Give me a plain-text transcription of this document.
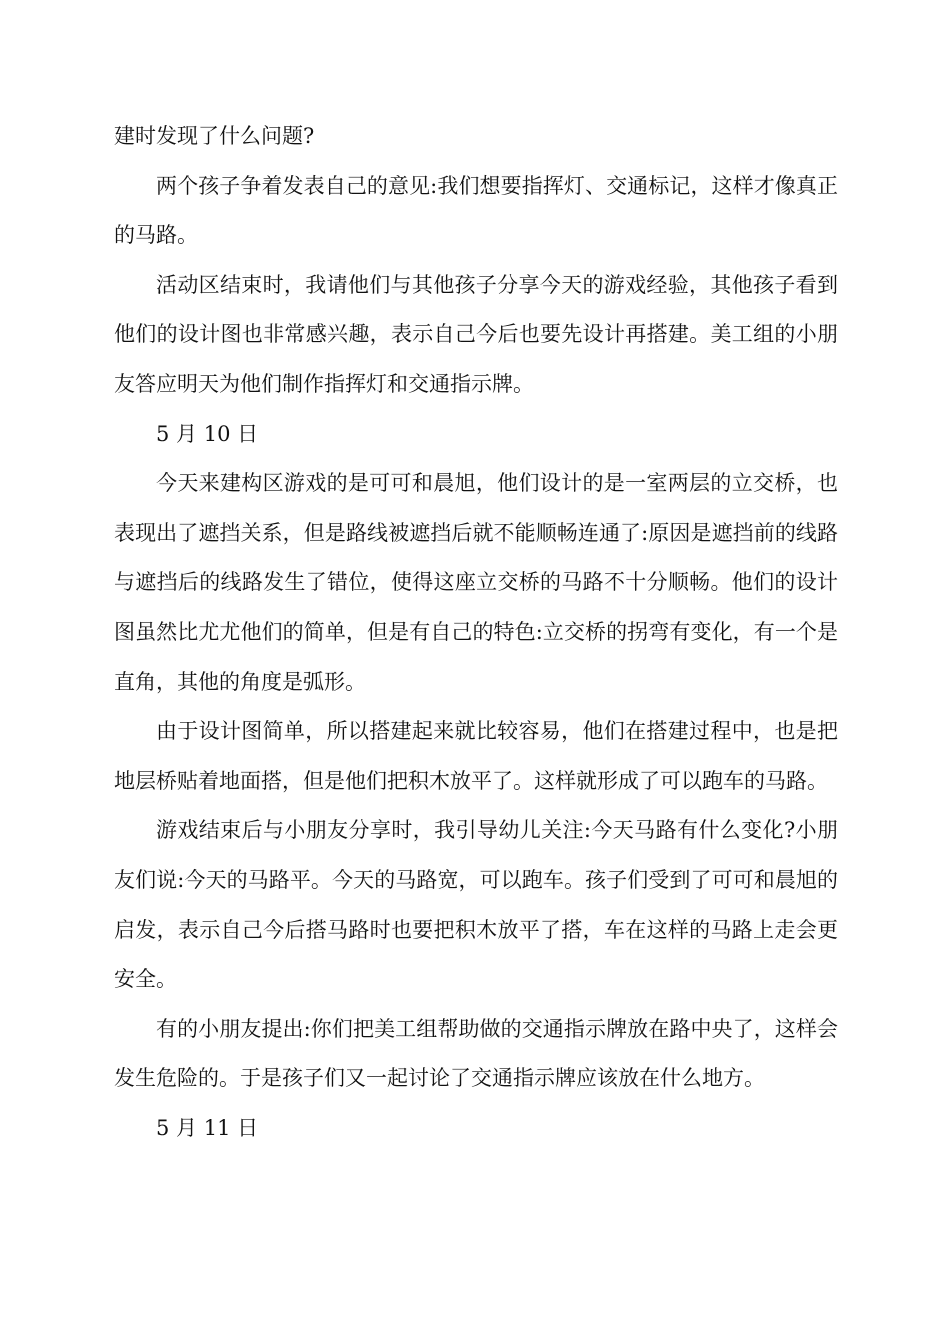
建时发现了什么问题?

两个孩子争着发表自己的意见:我们想要指挥灯、交通标记，这样才像真正的马路。

活动区结束时，我请他们与其他孩子分享今天的游戏经验，其他孩子看到他们的设计图也非常感兴趣，表示自己今后也要先设计再搭建。美工组的小朋友答应明天为他们制作指挥灯和交通指示牌。

5 月 10 日

今天来建构区游戏的是可可和晨旭，他们设计的是一室两层的立交桥，也表现出了遮挡关系，但是路线被遮挡后就不能顺畅连通了:原因是遮挡前的线路与遮挡后的线路发生了错位，使得这座立交桥的马路不十分顺畅。他们的设计图虽然比尤尤他们的简单，但是有自己的特色:立交桥的拐弯有变化，有一个是直角，其他的角度是弧形。

由于设计图简单，所以搭建起来就比较容易，他们在搭建过程中，也是把地层桥贴着地面搭，但是他们把积木放平了。这样就形成了可以跑车的马路。

游戏结束后与小朋友分享时，我引导幼儿关注:今天马路有什么变化?小朋友们说:今天的马路平。今天的马路宽，可以跑车。孩子们受到了可可和晨旭的启发，表示自己今后搭马路时也要把积木放平了搭，车在这样的马路上走会更安全。

有的小朋友提出:你们把美工组帮助做的交通指示牌放在路中央了，这样会发生危险的。于是孩子们又一起讨论了交通指示牌应该放在什么地方。

5 月 11 日
